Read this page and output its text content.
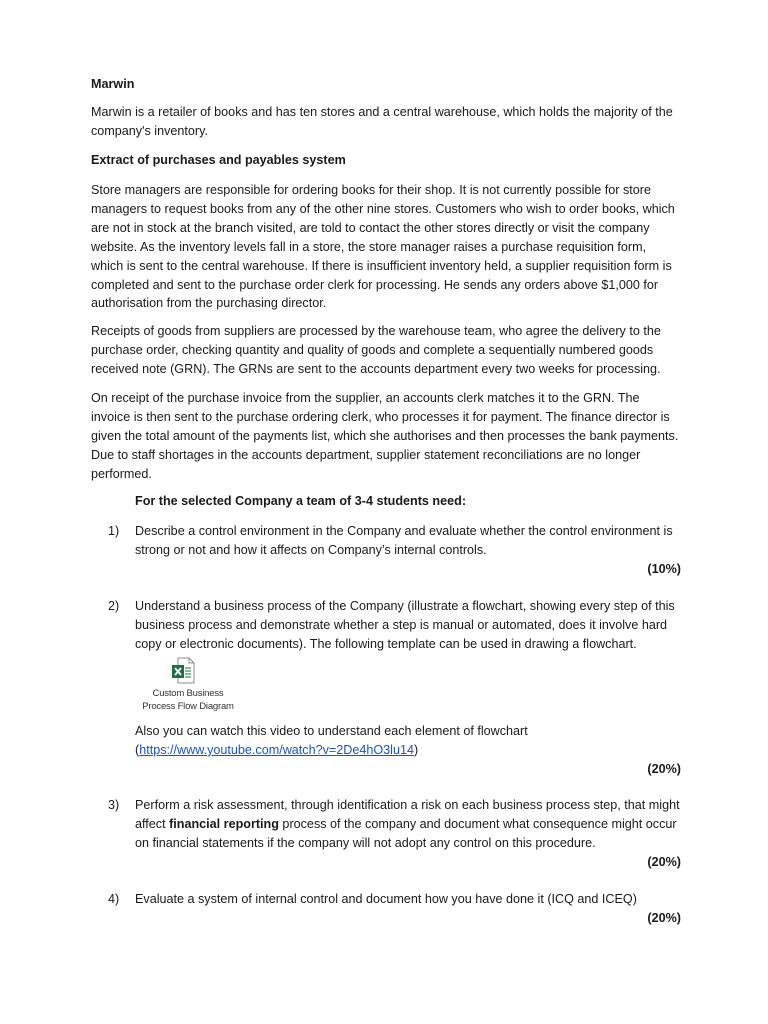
Marwin
Marwin is a retailer of books and has ten stores and a central warehouse, which holds the majority of the company's inventory.
Extract of purchases and payables system
Store managers are responsible for ordering books for their shop. It is not currently possible for store managers to request books from any of the other nine stores. Customers who wish to order books, which are not in stock at the branch visited, are told to contact the other stores directly or visit the company website. As the inventory levels fall in a store, the store manager raises a purchase requisition form, which is sent to the central warehouse. If there is insufficient inventory held, a supplier requisition form is completed and sent to the purchase order clerk for processing. He sends any orders above $1,000 for authorisation from the purchasing director.
Receipts of goods from suppliers are processed by the warehouse team, who agree the delivery to the purchase order, checking quantity and quality of goods and complete a sequentially numbered goods received note (GRN). The GRNs are sent to the accounts department every two weeks for processing.
On receipt of the purchase invoice from the supplier, an accounts clerk matches it to the GRN. The invoice is then sent to the purchase ordering clerk, who processes it for payment. The finance director is given the total amount of the payments list, which she authorises and then processes the bank payments. Due to staff shortages in the accounts department, supplier statement reconciliations are no longer performed.
For the selected Company a team of 3-4 students need:
1)	Describe a control environment in the Company and evaluate whether the control environment is strong or not and how it affects on Company’s internal controls.
(10%)
2)	Understand a business process of the Company (illustrate a flowchart, showing every step of this business process and demonstrate whether a step is manual or automated, does it involve hard copy or electronic documents). The following template can be used in drawing a flowchart.
Custom Business
Process Flow Diagram
Also you can watch this video to understand each element of flowchart
(https://www.youtube.com/watch?v=2De4hO3lu14)
(20%)
3)	Perform a risk assessment, through identification a risk on each business process step, that might affect financial reporting process of the company and document what consequence might occur on financial statements if the company will not adopt any control on this procedure.
(20%)
4)	Evaluate a system of internal control and document how you have done it (ICQ and ICEQ)
(20%)
